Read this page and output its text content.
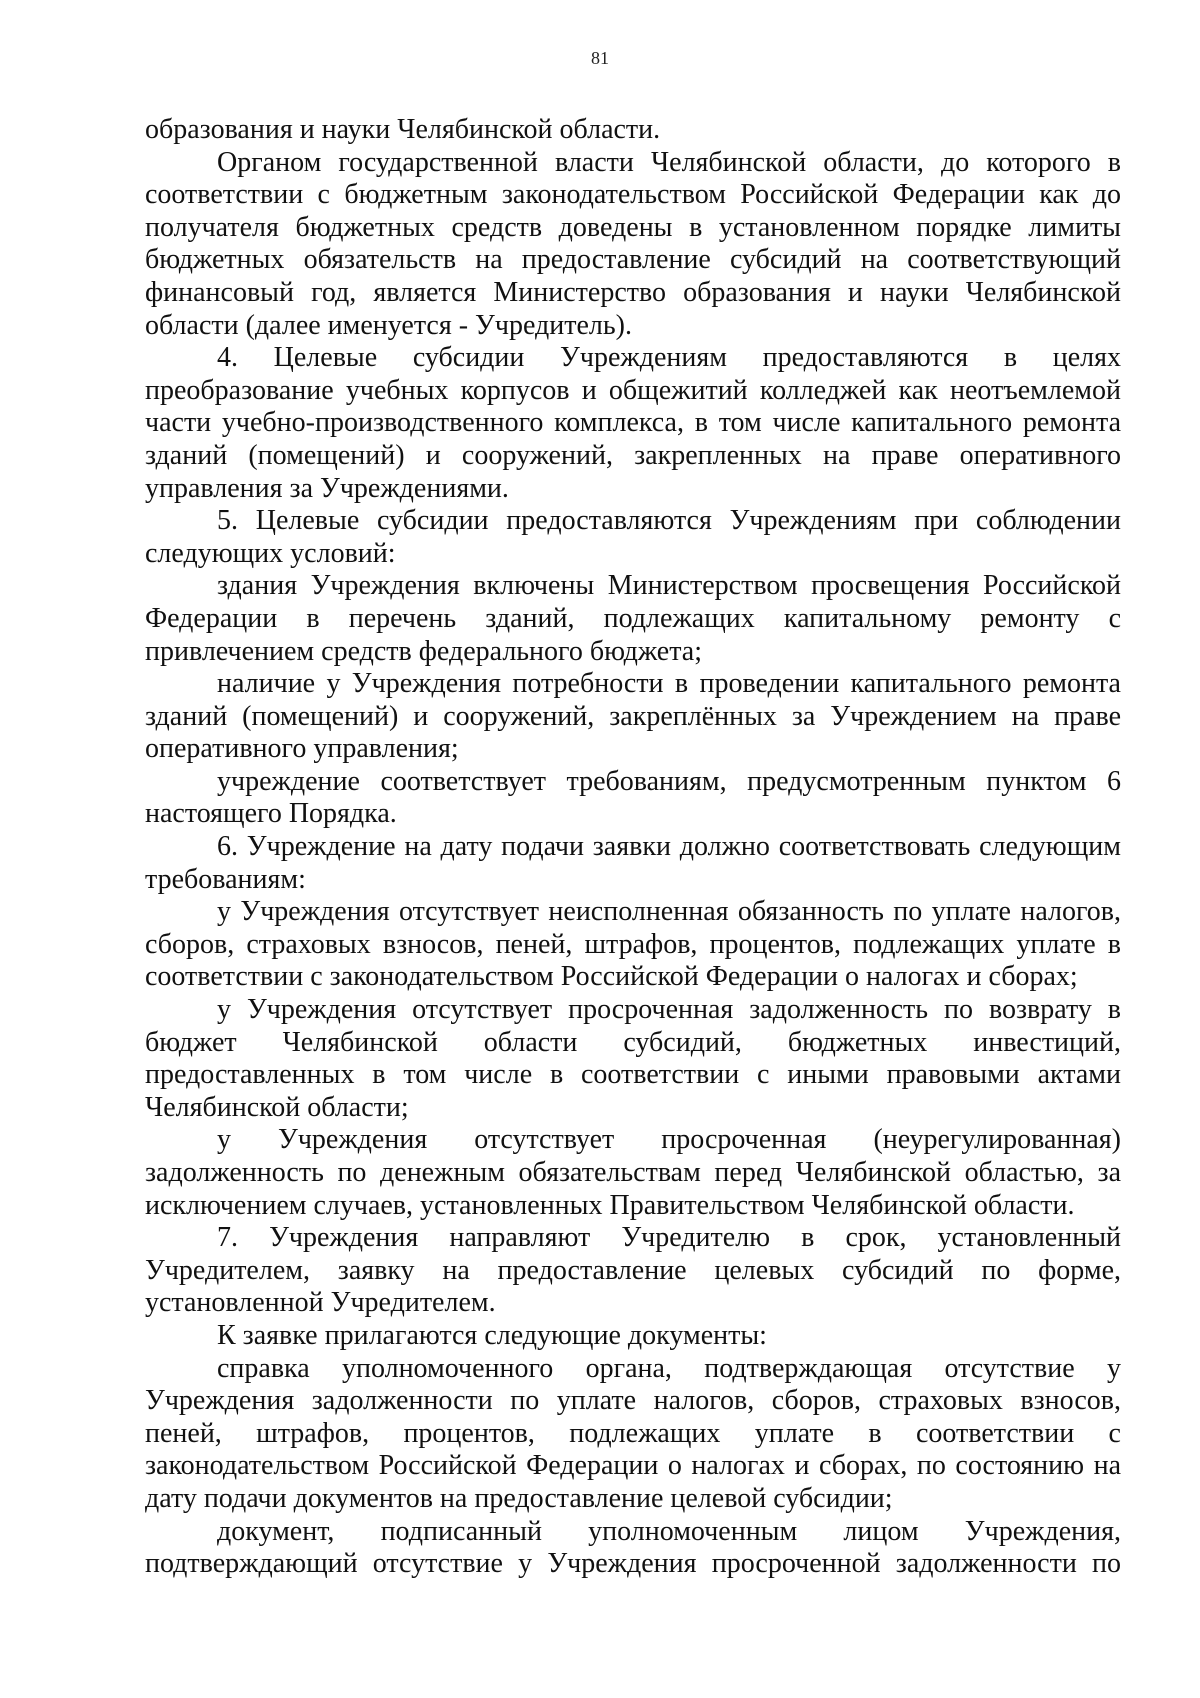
81

образования и науки Челябинской области.

Органом государственной власти Челябинской области, до которого в соответствии с бюджетным законодательством Российской Федерации как до получателя бюджетных средств доведены в установленном порядке лимиты бюджетных обязательств на предоставление субсидий на соответствующий финансовый год, является Министерство образования и науки Челябинской области (далее именуется - Учредитель).

4. Целевые субсидии Учреждениям предоставляются в целях преобразование учебных корпусов и общежитий колледжей как неотъемлемой части учебно-производственного комплекса, в том числе капитального ремонта зданий (помещений) и сооружений, закрепленных на праве оперативного управления за Учреждениями.

5. Целевые субсидии предоставляются Учреждениям при соблюдении следующих условий:

здания Учреждения включены Министерством просвещения Российской Федерации в перечень зданий, подлежащих капитальному ремонту с привлечением средств федерального бюджета;

наличие у Учреждения потребности в проведении капитального ремонта зданий (помещений) и сооружений, закреплённых за Учреждением на праве оперативного управления;

учреждение соответствует требованиям, предусмотренным пунктом 6 настоящего Порядка.

6. Учреждение на дату подачи заявки должно соответствовать следующим требованиям:

у Учреждения отсутствует неисполненная обязанность по уплате налогов, сборов, страховых взносов, пеней, штрафов, процентов, подлежащих уплате в соответствии с законодательством Российской Федерации о налогах и сборах;

у Учреждения отсутствует просроченная задолженность по возврату в бюджет Челябинской области субсидий, бюджетных инвестиций, предоставленных в том числе в соответствии с иными правовыми актами Челябинской области;

у Учреждения отсутствует просроченная (неурегулированная) задолженность по денежным обязательствам перед Челябинской областью, за исключением случаев, установленных Правительством Челябинской области.

7. Учреждения направляют Учредителю в срок, установленный Учредителем, заявку на предоставление целевых субсидий по форме, установленной Учредителем.

К заявке прилагаются следующие документы:

справка уполномоченного органа, подтверждающая отсутствие у Учреждения задолженности по уплате налогов, сборов, страховых взносов, пеней, штрафов, процентов, подлежащих уплате в соответствии с законодательством Российской Федерации о налогах и сборах, по состоянию на дату подачи документов на предоставление целевой субсидии;

документ, подписанный уполномоченным лицом Учреждения, подтверждающий отсутствие у Учреждения просроченной задолженности по
